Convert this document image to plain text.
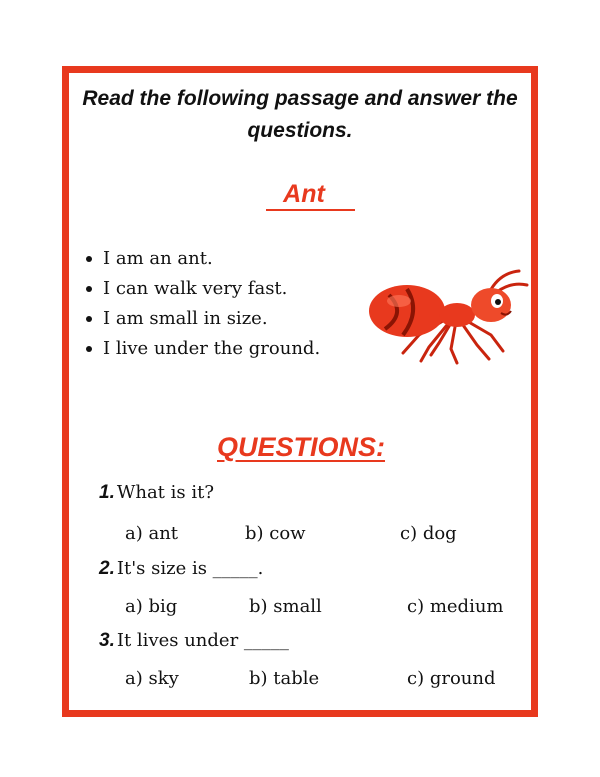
Read the following passage and answer the questions.
Ant
I am an ant.
I can walk very fast.
I am small in size.
I live under the ground.
QUESTIONS:
1. What is it?
a) ant	b) cow	c) dog
2. It's size is _____.
a) big	b) small	c) medium
3. It lives under _____
a) sky	b) table	c) ground
